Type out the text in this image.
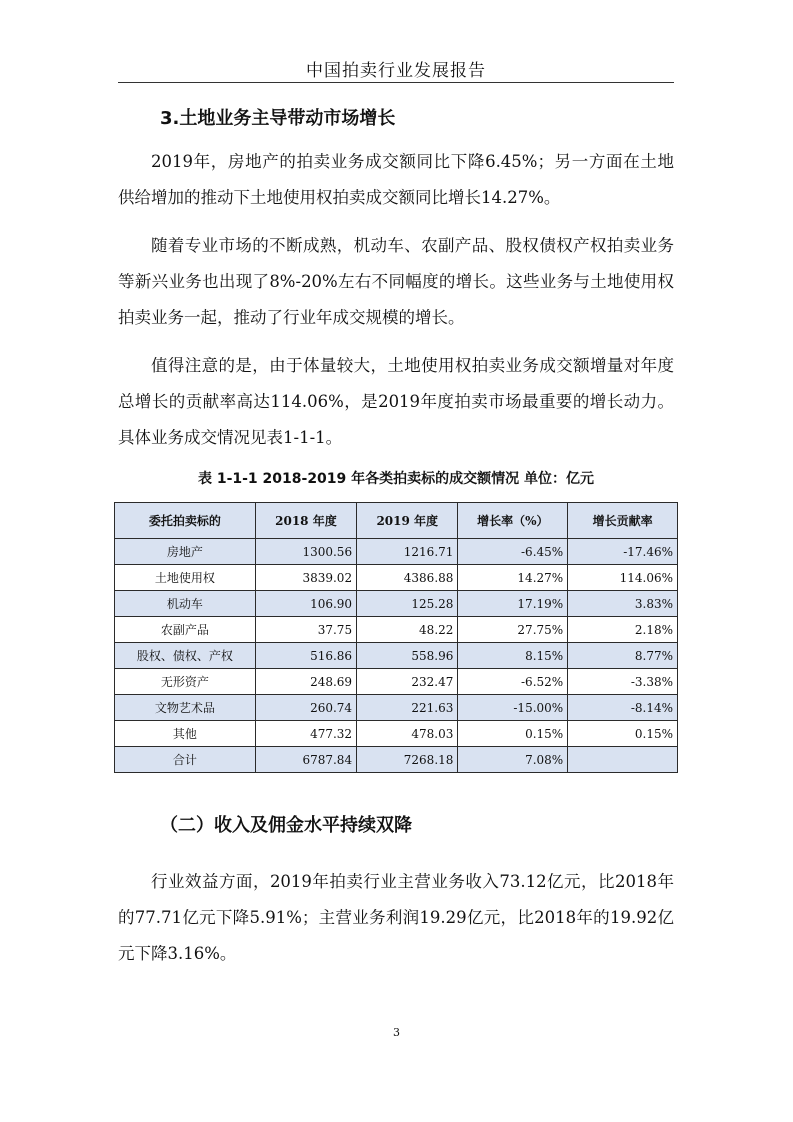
中国拍卖行业发展报告
3.土地业务主导带动市场增长

2019年，房地产的拍卖业务成交额同比下降6.45%；另一方面在土地供给增加的推动下土地使用权拍卖成交额同比增长14.27%。

随着专业市场的不断成熟，机动车、农副产品、股权债权产权拍卖业务等新兴业务也出现了8%-20%左右不同幅度的增长。这些业务与土地使用权拍卖业务一起，推动了行业年成交规模的增长。

值得注意的是，由于体量较大，土地使用权拍卖业务成交额增量对年度总增长的贡献率高达114.06%，是2019年度拍卖市场最重要的增长动力。具体业务成交情况见表1-1-1。

表 1-1-1 2018-2019 年各类拍卖标的成交额情况 单位：亿元
委托拍卖标的	2018 年度	2019 年度	增长率（%）	增长贡献率
房地产	1300.56	1216.71	-6.45%	-17.46%
土地使用权	3839.02	4386.88	14.27%	114.06%
机动车	106.90	125.28	17.19%	3.83%
农副产品	37.75	48.22	27.75%	2.18%
股权、债权、产权	516.86	558.96	8.15%	8.77%
无形资产	248.69	232.47	-6.52%	-3.38%
文物艺术品	260.74	221.63	-15.00%	-8.14%
其他	477.32	478.03	0.15%	0.15%
合计	6787.84	7268.18	7.08%	
（二）收入及佣金水平持续双降

行业效益方面，2019年拍卖行业主营业务收入73.12亿元，比2018年的77.71亿元下降5.91%；主营业务利润19.29亿元，比2018年的19.92亿元下降3.16%。

3
